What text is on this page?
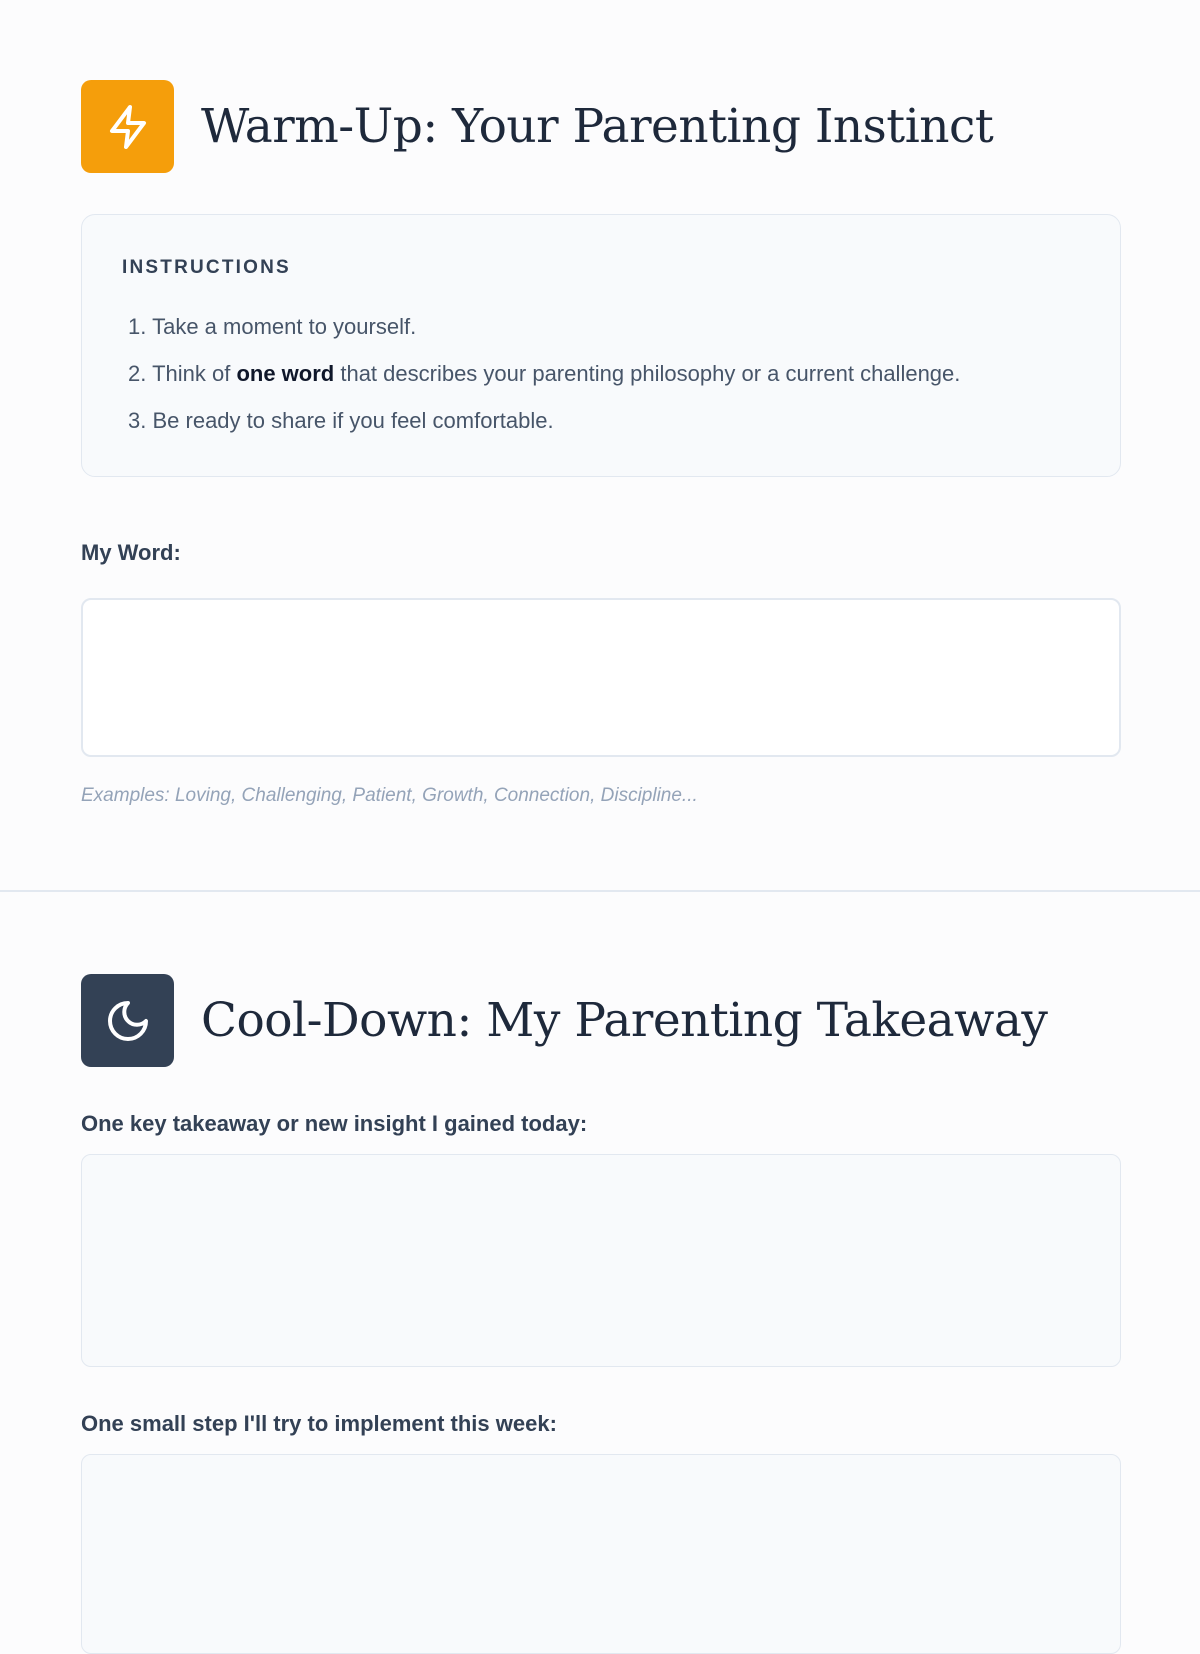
Warm-Up: Your Parenting Instinct
INSTRUCTIONS
1. Take a moment to yourself.
2. Think of one word that describes your parenting philosophy or a current challenge.
3. Be ready to share if you feel comfortable.
My Word:
Examples: Loving, Challenging, Patient, Growth, Connection, Discipline...
Cool-Down: My Parenting Takeaway
One key takeaway or new insight I gained today:
One small step I'll try to implement this week:
